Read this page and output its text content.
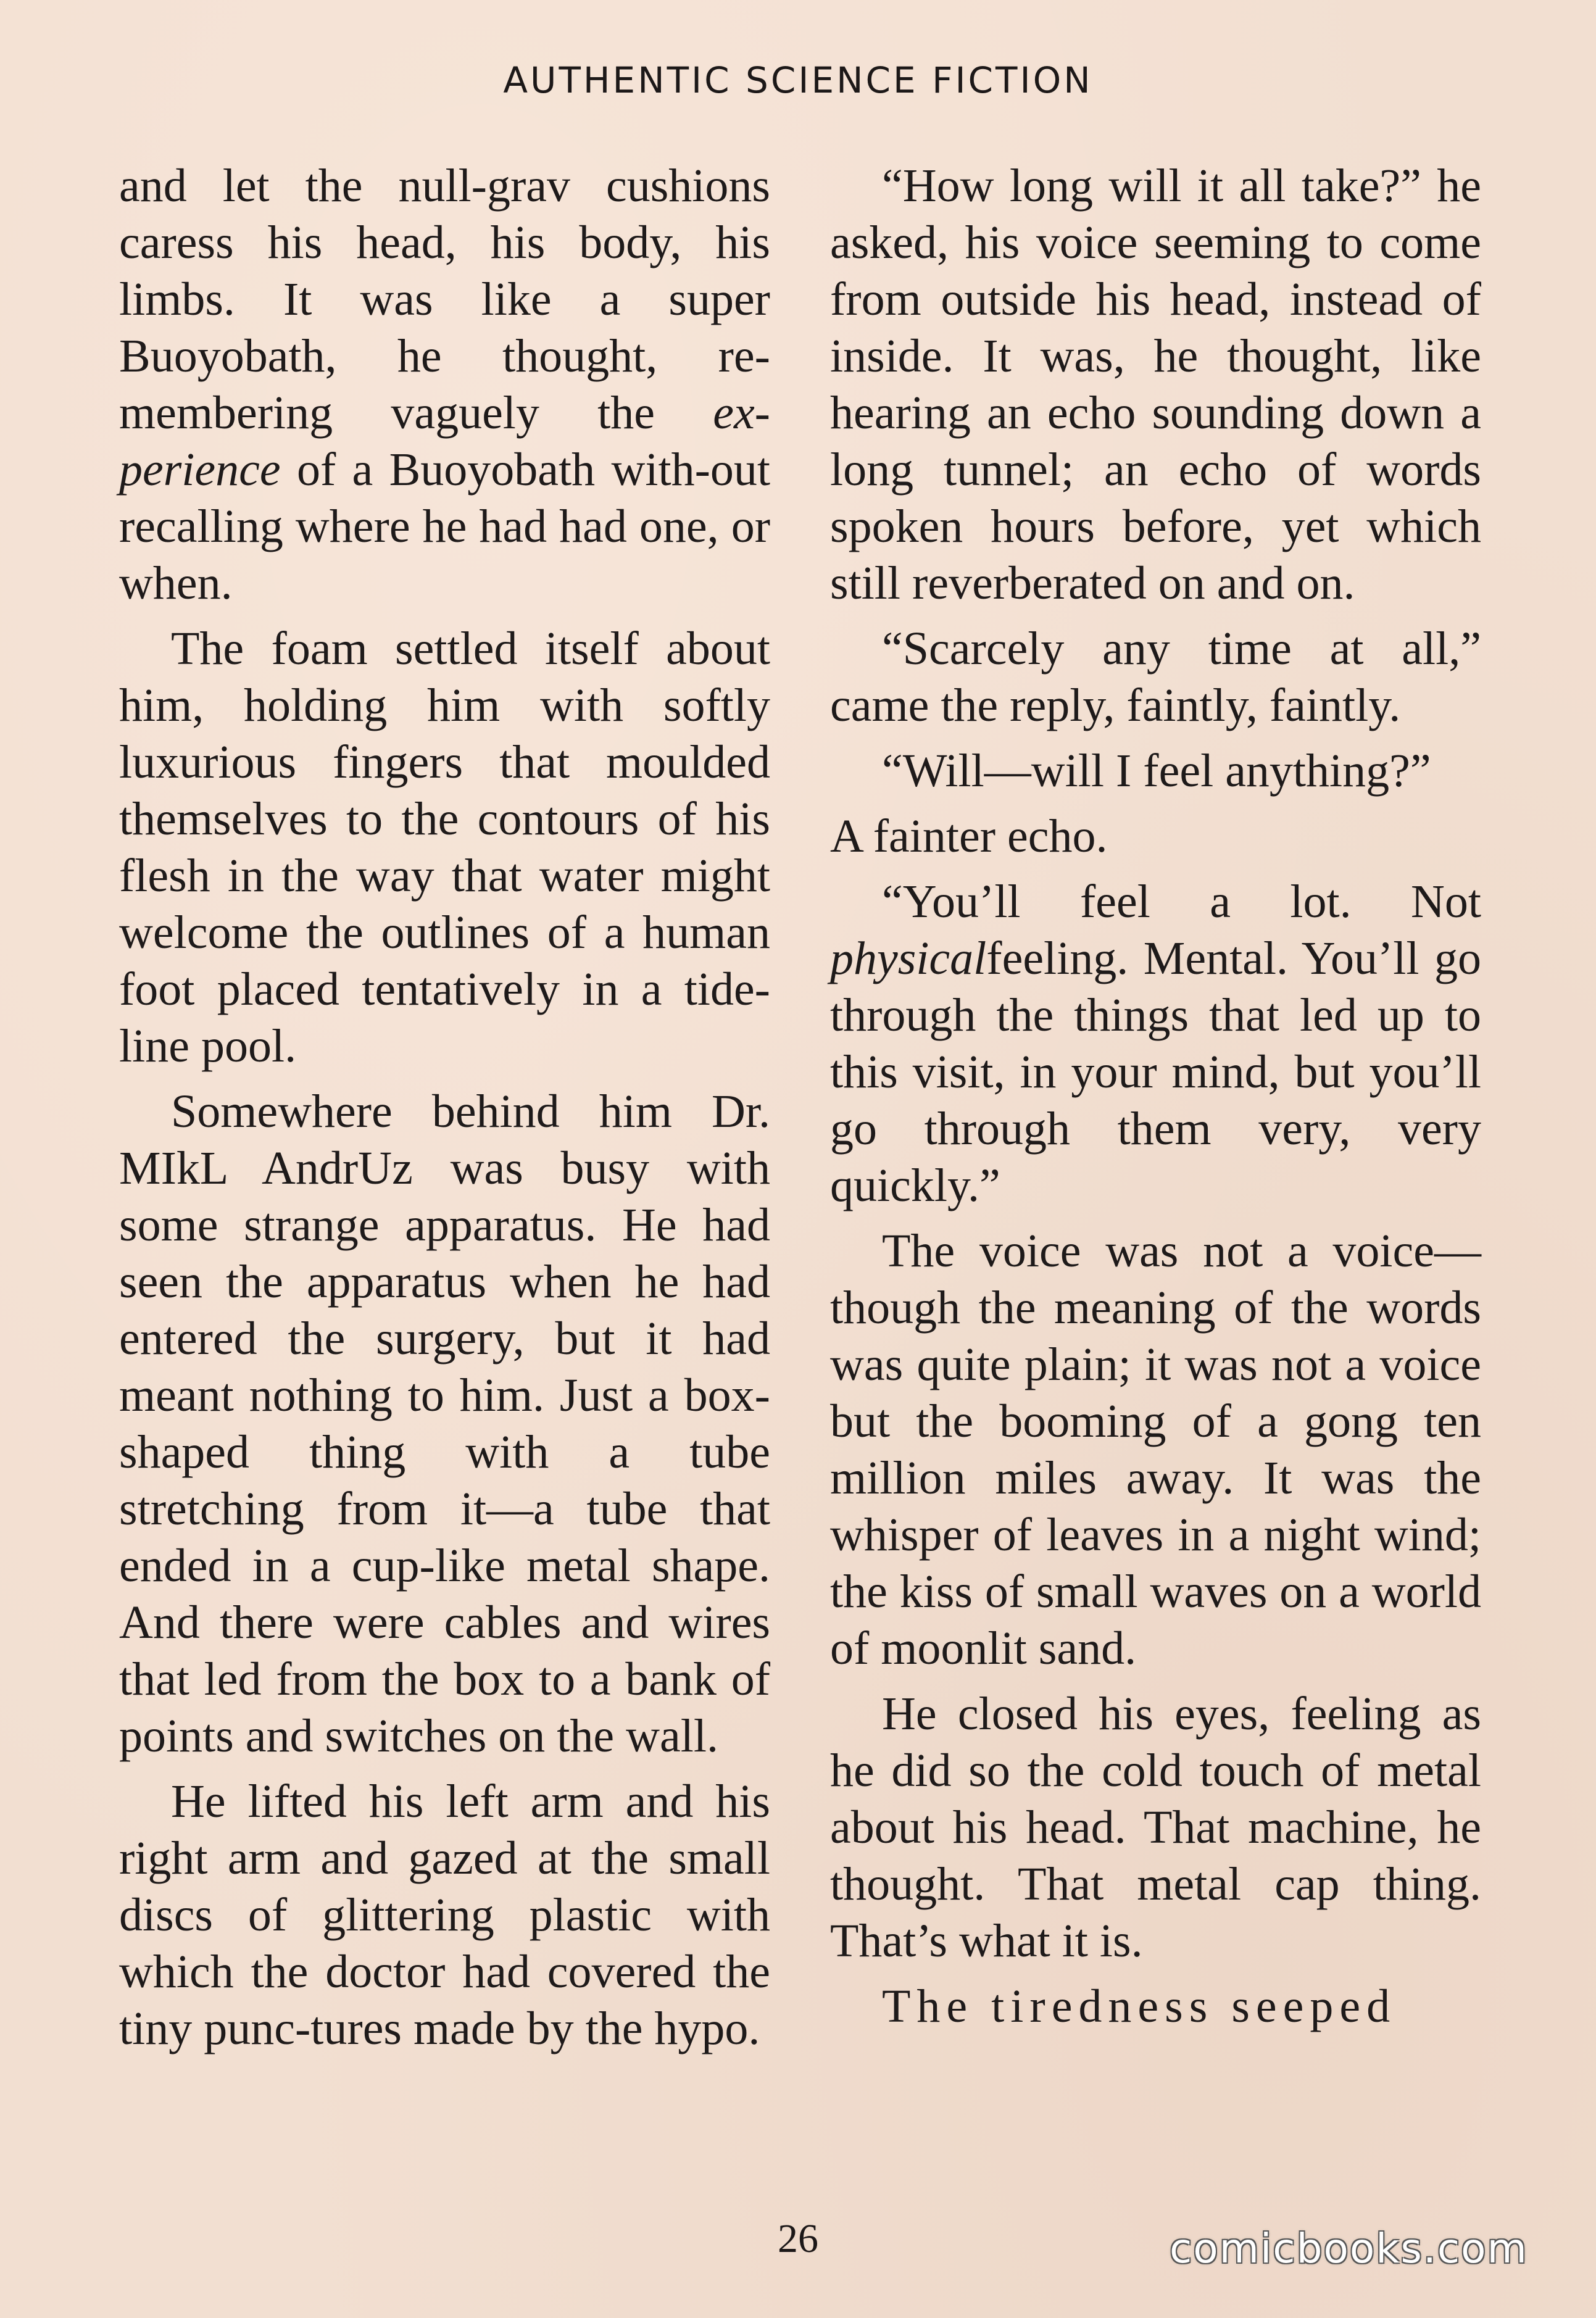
AUTHENTIC SCIENCE FICTION

and let the null-grav cushions caress his head, his body, his limbs. It was like a super Buoyobath, he thought, re-membering vaguely the ex-perience of a Buoyobath with-out recalling where he had had one, or when.

The foam settled itself about him, holding him with softly luxurious fingers that moulded themselves to the contours of his flesh in the way that water might welcome the outlines of a human foot placed tentatively in a tide-line pool.

Somewhere behind him Dr. MIkL AndrUz was busy with some strange apparatus. He had seen the apparatus when he had entered the surgery, but it had meant nothing to him. Just a box-shaped thing with a tube stretching from it—a tube that ended in a cup-like metal shape. And there were cables and wires that led from the box to a bank of points and switches on the wall.

He lifted his left arm and his right arm and gazed at the small discs of glittering plastic with which the doctor had covered the tiny punc-tures made by the hypo.

“How long will it all take?” he asked, his voice seeming to come from outside his head, instead of inside. It was, he thought, like hearing an echo sounding down a long tunnel; an echo of words spoken hours before, yet which still reverberated on and on.

“Scarcely any time at all,” came the reply, faintly, faintly.

“Will—will I feel anything?”

A fainter echo.

“You’ll feel a lot. Not physicalfeeling. Mental. You’ll go through the things that led up to this visit, in your mind, but you’ll go through them very, very quickly.”

The voice was not a voice— though the meaning of the words was quite plain; it was not a voice but the booming of a gong ten million miles away. It was the whisper of leaves in a night wind; the kiss of small waves on a world of moonlit sand.

He closed his eyes, feeling as he did so the cold touch of metal about his head. That machine, he thought. That metal cap thing. That’s what it is.

The tiredness seeped

26	comicbooks.com
